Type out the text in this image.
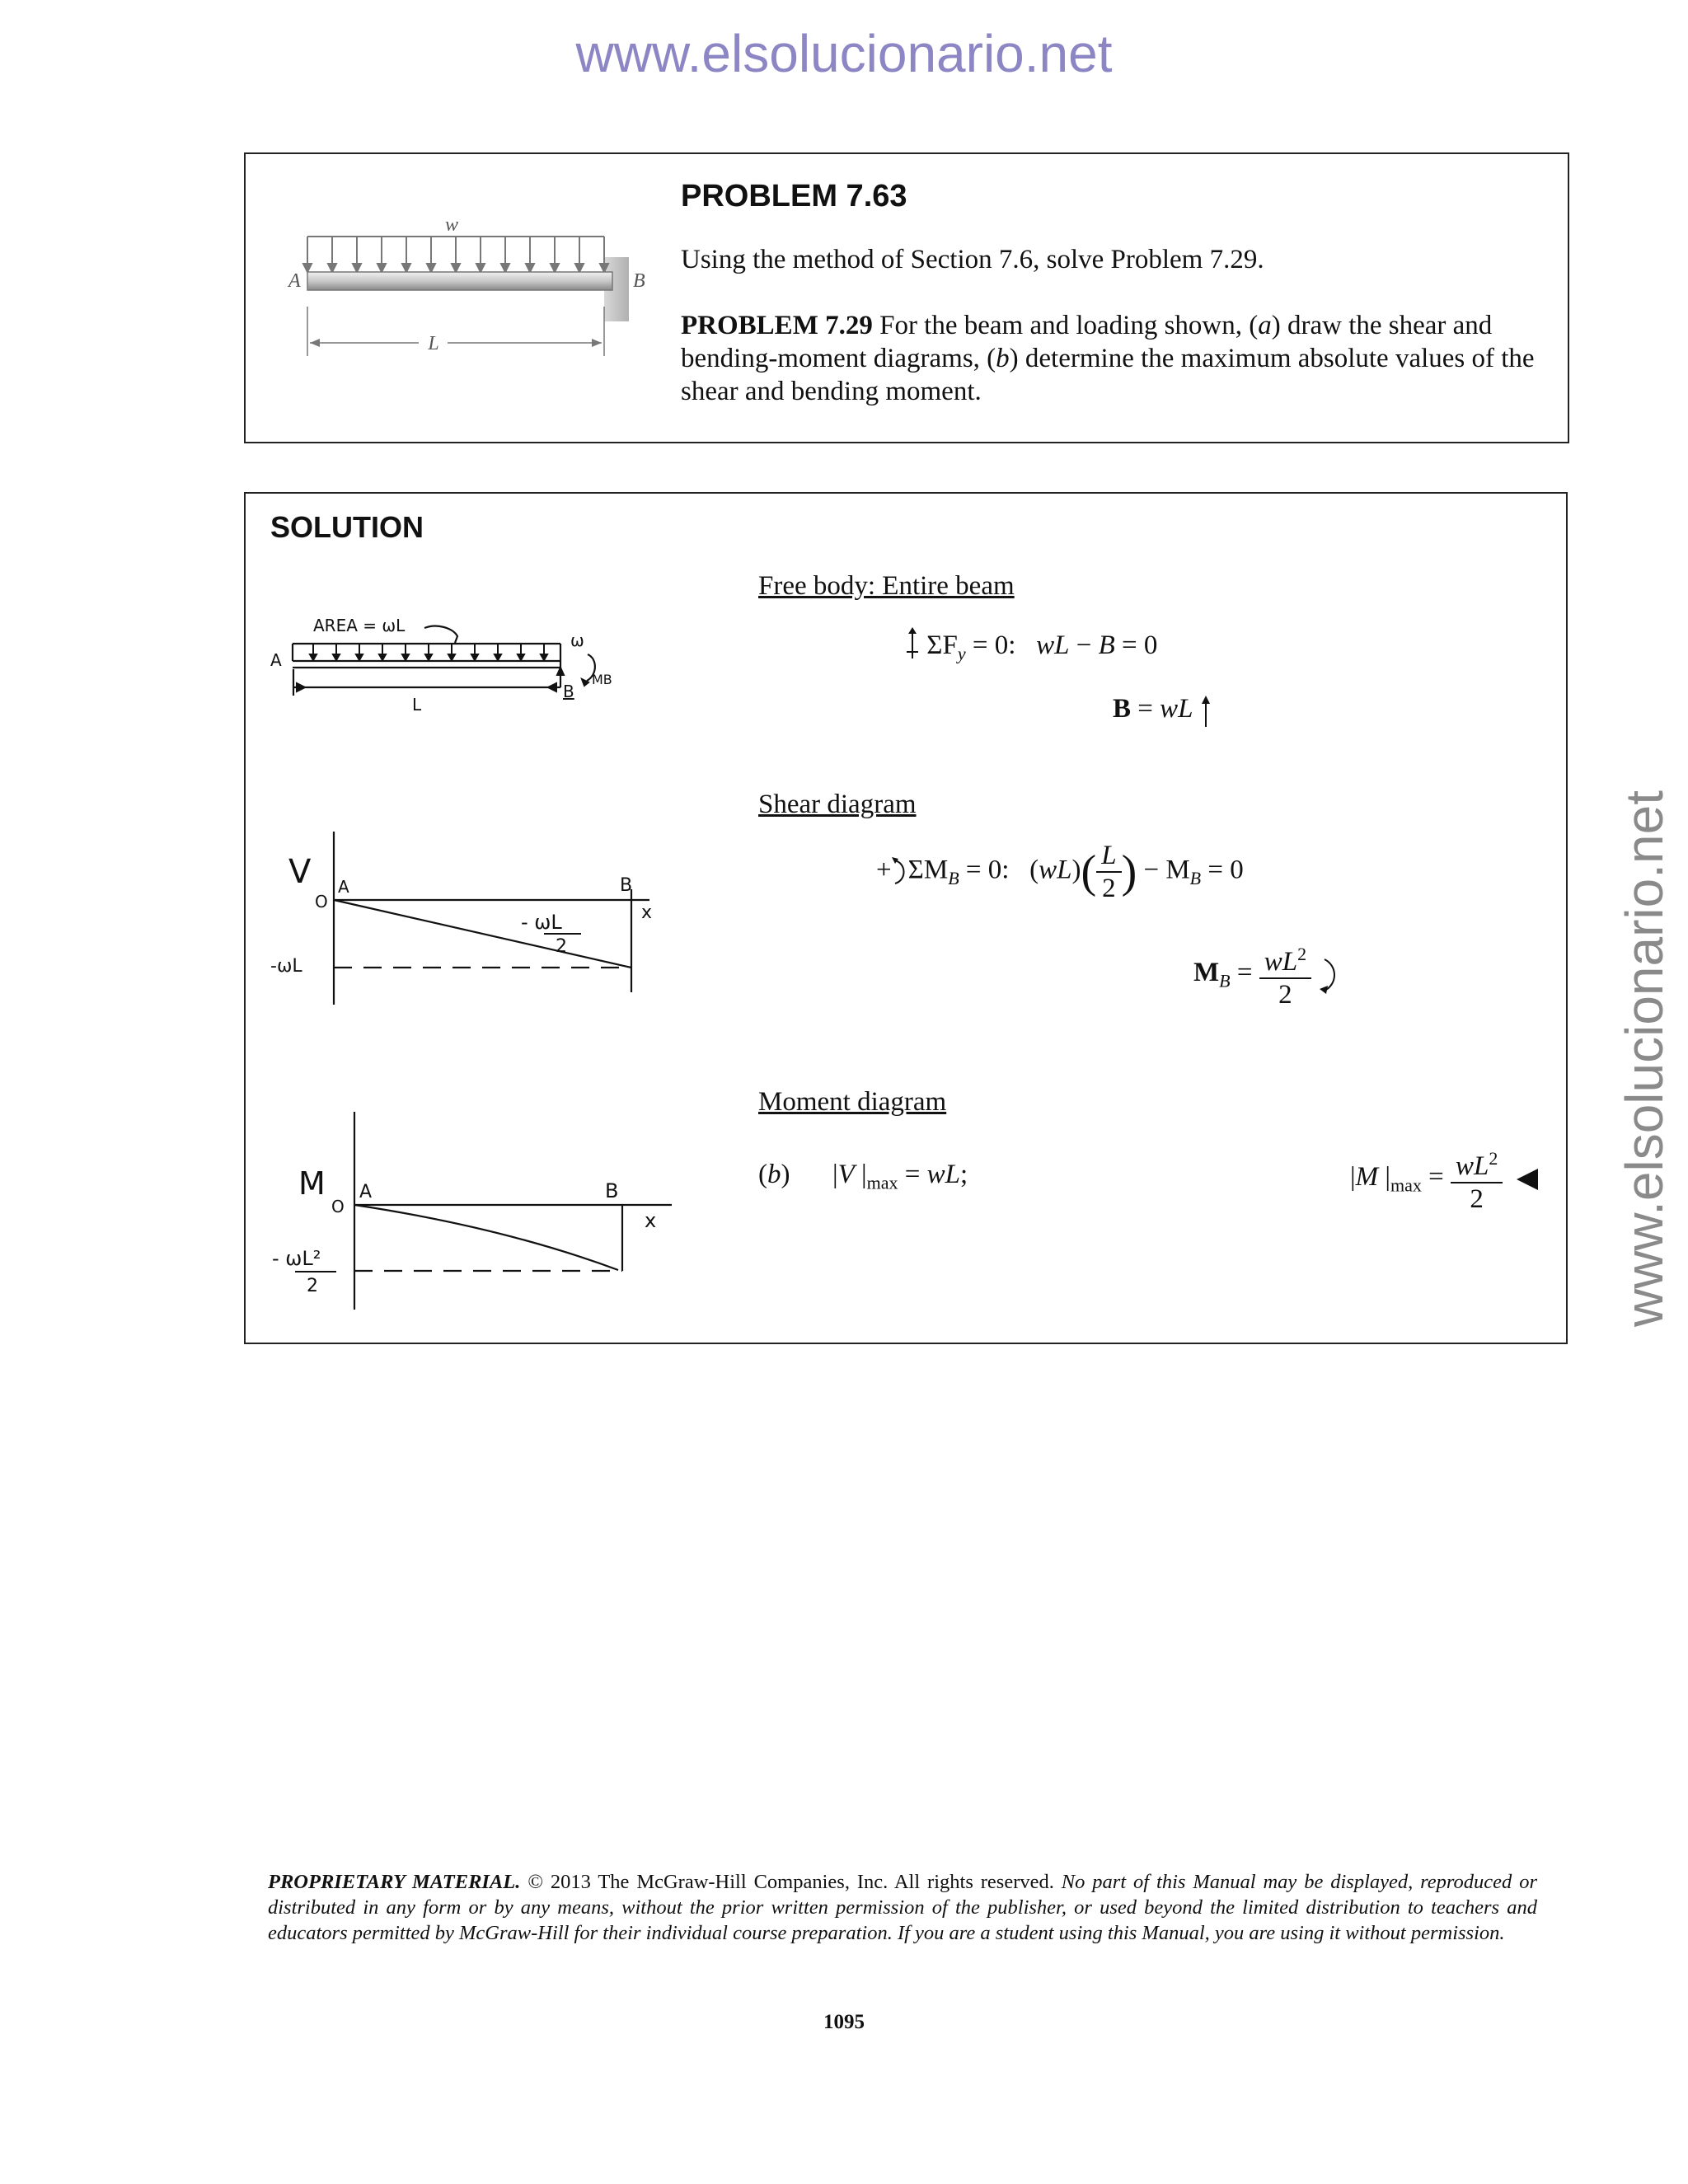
www.elsolucionario.net
www.elsolucionario.net
w
A	B
L
PROBLEM 7.63
Using the method of Section 7.6, solve Problem 7.29.
PROBLEM 7.29 For the beam and loading shown, (a) draw the shear and bending-moment diagrams, (b) determine the maximum absolute values of the shear and bending moment.
SOLUTION
AREA = ωL
ω
A
B
MB
L
V
O
A	B
x
- ωL
2
-ωL
M
O
A	B
x
- ωL²
2
Free body: Entire beam
$\Sigma F_y = 0$:   wL − B = 0
B = wL
Shear diagram
+ $\Sigma M_B = 0$:   $(wL)( \frac{L}{2}$ ) − $M_B = 0$
$M_B = \frac{wL^2}{2}$

Moment diagram
(b) |V $|_{max}$ = wL;	|M $|_{max} = \frac{wL^2}{2}$

PROPRIETARY MATERIAL. © 2013 The McGraw-Hill Companies, Inc. All rights reserved. No part of this Manual may be displayed, reproduced or distributed in any form or by any means, without the prior written permission of the publisher, or used beyond the limited distribution to teachers and educators permitted by McGraw-Hill for their individual course preparation. If you are a student using this Manual, you are using it without permission.
1095
